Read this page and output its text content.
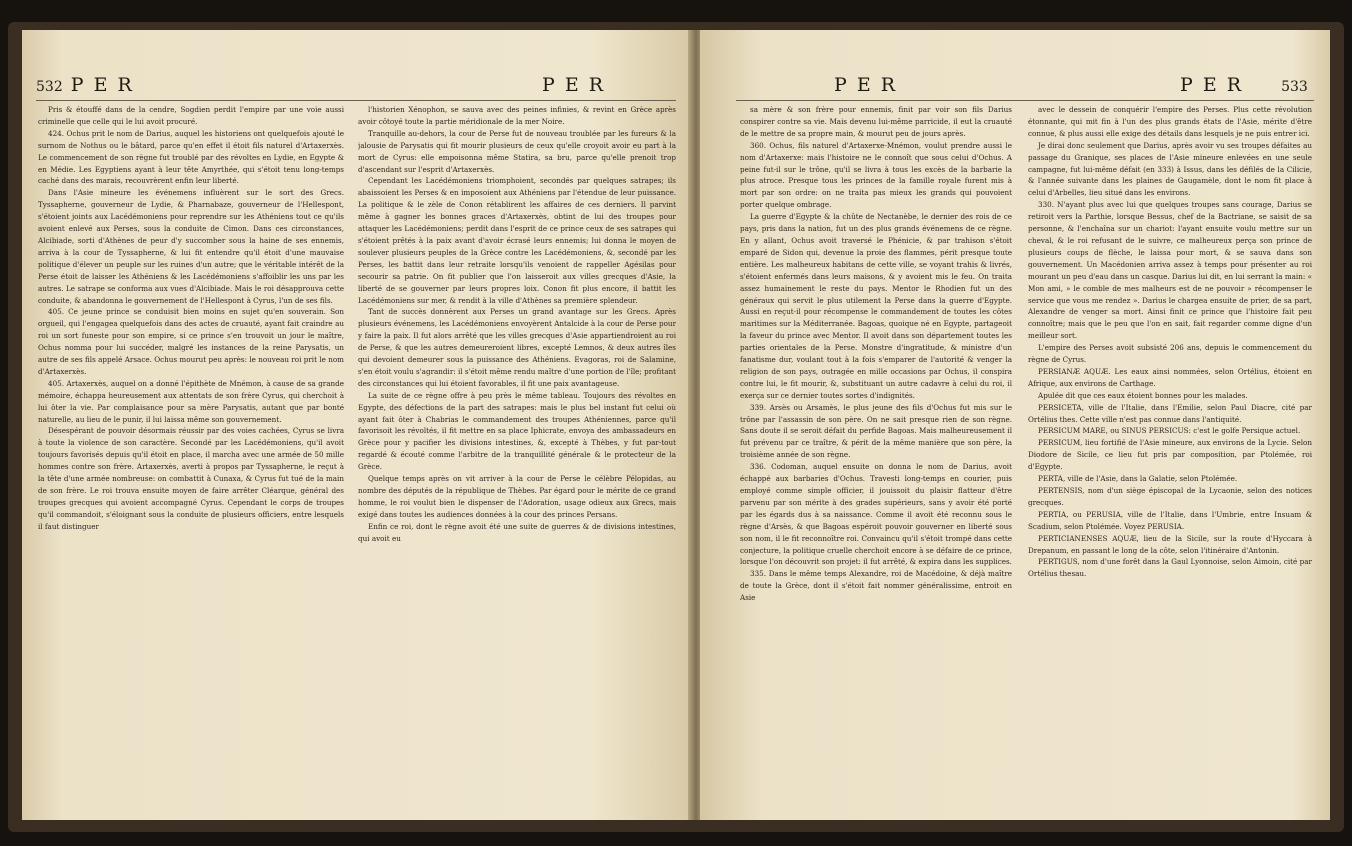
532 P E R	P E R

Pris & étouffé dans de la cendre, Sogdien perdit l'empire par une voie aussi criminelle que celle qui le lui avoit procuré.

424. Ochus prit le nom de Darius, auquel les historiens ont quelquefois ajouté le surnom de Nothus ou le bâtard, parce qu'en effet il étoit fils naturel d'Artaxerxès. Le commencement de son règne fut troublé par des révoltes en Lydie, en Egypte & en Médie. Les Egyptiens ayant à leur tête Amyrthée, qui s'étoit tenu long-temps caché dans des marais, recouvrèrent enfin leur liberté.

Dans l'Asie mineure les événemens influèrent sur le sort des Grecs. Tyssapherne, gouverneur de Lydie, & Pharnabaze, gouverneur de l'Hellespont, s'étoient joints aux Lacédémoniens pour reprendre sur les Athéniens tout ce qu'ils avoient enlevé aux Perses, sous la conduite de Cimon. Dans ces circonstances, Alcibiade, sorti d'Athènes de peur d'y succomber sous la haine de ses ennemis, arriva à la cour de Tyssapherne, & lui fit entendre qu'il étoit d'une mauvaise politique d'élever un peuple sur les ruines d'un autre; que le véritable intérêt de la Perse étoit de laisser les Athéniens & les Lacédémoniens s'affoiblir les uns par les autres. Le satrape se conforma aux vues d'Alcibiade. Mais le roi désapprouva cette conduite, & abandonna le gouvernement de l'Hellespont à Cyrus, l'un de ses fils.

405. Ce jeune prince se conduisit bien moins en sujet qu'en souverain. Son orgueil, qui l'engagea quelquefois dans des actes de cruauté, ayant fait craindre au roi un sort funeste pour son empire, si ce prince s'en trouvoit un jour le maître, Ochus nomma pour lui succéder, malgré les instances de la reine Parysatis, un autre de ses fils appelé Arsace. Ochus mourut peu après: le nouveau roi prit le nom d'Artaxerxès.

405. Artaxerxès, auquel on a donné l'épithète de Mnémon, à cause de sa grande mémoire, échappa heureusement aux attentats de son frère Cyrus, qui cherchoit à lui ôter la vie. Par complaisance pour sa mère Parysatis, autant que par bonté naturelle, au lieu de le punir, il lui laissa même son gouvernement.

Désespérant de pouvoir désormais réussir par des voies cachées, Cyrus se livra à toute la violence de son caractère. Secondé par les Lacédémoniens, qu'il avoit toujours favorisés depuis qu'il étoit en place, il marcha avec une armée de 50 mille hommes contre son frère. Artaxerxès, averti à propos par Tyssapherne, le reçut à la tête d'une armée nombreuse: on combattit à Cunaxa, & Cyrus fut tué de la main de son frère. Le roi trouva ensuite moyen de faire arrêter Cléarque, général des troupes grecques qui avoient accompagné Cyrus. Cependant le corps de troupes qu'il commandoit, s'éloignant sous la conduite de plusieurs officiers, entre lesquels il faut distinguer

l'historien Xénophon, se sauva avec des peines infinies, & revint en Grèce après avoir côtoyé toute la partie méridionale de la mer Noire.

Tranquille au-dehors, la cour de Perse fut de nouveau troublée par les fureurs & la jalousie de Parysatis qui fit mourir plusieurs de ceux qu'elle croyoit avoir eu part à la mort de Cyrus: elle empoisonna même Statira, sa bru, parce qu'elle prenoit trop d'ascendant sur l'esprit d'Artaxerxès.

Cependant les Lacédémoniens triomphoient, secondés par quelques satrapes; ils abaissoient les Perses & en imposoient aux Athéniens par l'étendue de leur puissance. La politique & le zèle de Conon rétablirent les affaires de ces derniers. Il parvint même à gagner les bonnes graces d'Artaxerxès, obtint de lui des troupes pour attaquer les Lacédémoniens; perdit dans l'esprit de ce prince ceux de ses satrapes qui s'étoient prêtés à la paix avant d'avoir écrasé leurs ennemis; lui donna le moyen de soulever plusieurs peuples de la Grèce contre les Lacédémoniens, &, secondé par les Perses, les battit dans leur retraite lorsqu'ils venoient de rappeller Agésilas pour secourir sa patrie. On fit publier que l'on laisseroit aux villes grecques d'Asie, la liberté de se gouverner par leurs propres loix. Conon fit plus encore, il battit les Lacédémoniens sur mer, & rendit à la ville d'Athènes sa première splendeur.

Tant de succès donnèrent aux Perses un grand avantage sur les Grecs. Après plusieurs événemens, les Lacédémoniens envoyèrent Antalcide à la cour de Perse pour y faire la paix. Il fut alors arrêté que les villes grecques d'Asie appartiendroient au roi de Perse, & que les autres demeureroient libres, excepté Lemnos, & deux autres îles qui devoient demeurer sous la puissance des Athéniens. Evagoras, roi de Salamine, s'en étoit voulu s'agrandir: il s'étoit même rendu maître d'une portion de l'île; profitant des circonstances qui lui étoient favorables, il fit une paix avantageuse.

La suite de ce règne offre à peu près le même tableau. Toujours des révoltes en Egypte, des défections de la part des satrapes: mais le plus bel instant fut celui où ayant fait ôter à Chabrias le commandement des troupes Athéniennes, parce qu'il favorisoit les révoltés, il fit mettre en sa place Iphicrate, envoya des ambassadeurs en Grèce pour y pacifier les divisions intestines, &, excepté à Thèbes, y fut par-tout regardé & écouté comme l'arbitre de la tranquillité générale & le protecteur de la Grèce.

Quelque temps après on vit arriver à la cour de Perse le célèbre Pélopidas, au nombre des députés de la république de Thèbes. Par égard pour le mérite de ce grand homme, le roi voulut bien le dispenser de l'Adoration, usage odieux aux Grecs, mais exigé dans toutes les audiences données à la cour des princes Persans.

Enfin ce roi, dont le règne avoit été une suite de guerres & de divisions intestines, qui avoit eu

P E R	P E R	533

sa mère & son frère pour ennemis, finit par voir son fils Darius conspirer contre sa vie. Mais devenu lui-même parricide, il eut la cruauté de le mettre de sa propre main, & mourut peu de jours après.

360. Ochus, fils naturel d'Artaxerxe-Mnémon, voulut prendre aussi le nom d'Artaxerxe: mais l'histoire ne le connoît que sous celui d'Ochus. A peine fut-il sur le trône, qu'il se livra à tous les excès de la barbarie la plus atroce. Presque tous les princes de la famille royale furent mis à mort par son ordre: on ne traita pas mieux les grands qui pouvoient porter quelque ombrage.

La guerre d'Egypte & la chûte de Nectanèbe, le dernier des rois de ce pays, pris dans la nation, fut un des plus grands événemens de ce règne. En y allant, Ochus avoit traversé le Phénicie, & par trahison s'étoit emparé de Sidon qui, devenue la proie des flammes, périt presque toute entière. Les malheureux habitans de cette ville, se voyant trahis & livrés, s'étoient enfermés dans leurs maisons, & y avoient mis le feu. On traita assez humainement le reste du pays. Mentor le Rhodien fut un des généraux qui servit le plus utilement la Perse dans la guerre d'Egypte. Aussi en reçut-il pour récompense le commandement de toutes les côtes maritimes sur la Méditerranée. Bagoas, quoique né en Egypte, partageoit la faveur du prince avec Mentor. Il avoit dans son département toutes les parties orientales de la Perse. Monstre d'ingratitude, & ministre d'un fanatisme dur, voulant tout à la fois s'emparer de l'autorité & venger la religion de son pays, outragée en mille occasions par Ochus, il conspira contre lui, le fit mourir, &, substituant un autre cadavre à celui du roi, il exerça sur ce dernier toutes sortes d'indignités.

339. Arsès ou Arsamès, le plus jeune des fils d'Ochus fut mis sur le trône par l'assassin de son père. On ne sait presque rien de son règne. Sans doute il se seroit défait du perfide Bagoas. Mais malheureusement il fut prévenu par ce traître, & périt de la même manière que son père, la troisième année de son règne.

336. Codoman, auquel ensuite on donna le nom de Darius, avoit échappé aux barbaries d'Ochus. Travesti long-temps en courier, puis employé comme simple officier, il jouissoit du plaisir flatteur d'être parvenu par son mérite à des grades supérieurs, sans y avoir été porté par les égards dus à sa naissance. Comme il avoit été reconnu sous le règne d'Arsès, & que Bagoas espéroit pouvoir gouverner en liberté sous son nom, il le fit reconnoître roi. Convaincu qu'il s'étoit trompé dans cette conjecture, la politique cruelle cherchoit encore à se défaire de ce prince, lorsque l'on découvrit son projet: il fut arrêté, & expira dans les supplices.

335. Dans le même temps Alexandre, roi de Macédoine, & déjà maître de toute la Grèce, dont il s'étoit fait nommer généralissime, entroit en Asie

avec le dessein de conquérir l'empire des Perses. Plus cette révolution étonnante, qui mit fin à l'un des plus grands états de l'Asie, mérite d'être connue, & plus aussi elle exige des détails dans lesquels je ne puis entrer ici.

Je dirai donc seulement que Darius, après avoir vu ses troupes défaites au passage du Granique, ses places de l'Asie mineure enlevées en une seule campagne, fut lui-même défait (en 333) à Issus, dans les défilés de la Cilicie, & l'année suivante dans les plaines de Gaugamèle, dont le nom fit place à celui d'Arbelles, lieu situé dans les environs.

330. N'ayant plus avec lui que quelques troupes sans courage, Darius se retiroit vers la Parthie, lorsque Bessus, chef de la Bactriane, se saisit de sa personne, & l'enchaîna sur un chariot: l'ayant ensuite voulu mettre sur un cheval, & le roi refusant de le suivre, ce malheureux perça son prince de plusieurs coups de flèche, le laissa pour mort, & se sauva dans son gouvernement. Un Macédonien arriva assez à temps pour présenter au roi mourant un peu d'eau dans un casque. Darius lui dit, en lui serrant la main: « Mon ami, » le comble de mes malheurs est de ne pouvoir » récompenser le service que vous me rendez ». Darius le chargea ensuite de prier, de sa part, Alexandre de venger sa mort. Ainsi finit ce prince que l'histoire fait peu connoître; mais que le peu que l'on en sait, fait regarder comme digne d'un meilleur sort.

L'empire des Perses avoit subsisté 206 ans, depuis le commencement du règne de Cyrus.

PERSIANÆ AQUÆ. Les eaux ainsi nommées, selon Ortélius, étoient en Afrique, aux environs de Carthage.

Apulée dit que ces eaux étoient bonnes pour les malades.

PERSICETA, ville de l'Italie, dans l'Emilie, selon Paul Diacre, cité par Ortélius thes. Cette ville n'est pas connue dans l'antiquité.

PERSICUM MARE, ou SINUS PERSICUS: c'est le golfe Persique actuel.

PERSICUM, lieu fortifié de l'Asie mineure, aux environs de la Lycie. Selon Diodore de Sicile, ce lieu fut pris par composition, par Ptolémée, roi d'Egypte.

PERTA, ville de l'Asie, dans la Galatie, selon Ptolémée.

PERTENSIS, nom d'un siège épiscopal de la Lycaonie, selon des notices grecques.

PERTIA, ou PERUSIA, ville de l'Italie, dans l'Umbrie, entre Insuam & Scadium, selon Ptolémée. Voyez PERUSIA.

PERTICIANENSES AQUÆ, lieu de la Sicile, sur la route d'Hyccara à Drepanum, en passant le long de la côte, selon l'itinéraire d'Antonin.

PERTIGUS, nom d'une forêt dans la Gaul Lyonnoise, selon Aimoin, cité par Ortélius thesau.
